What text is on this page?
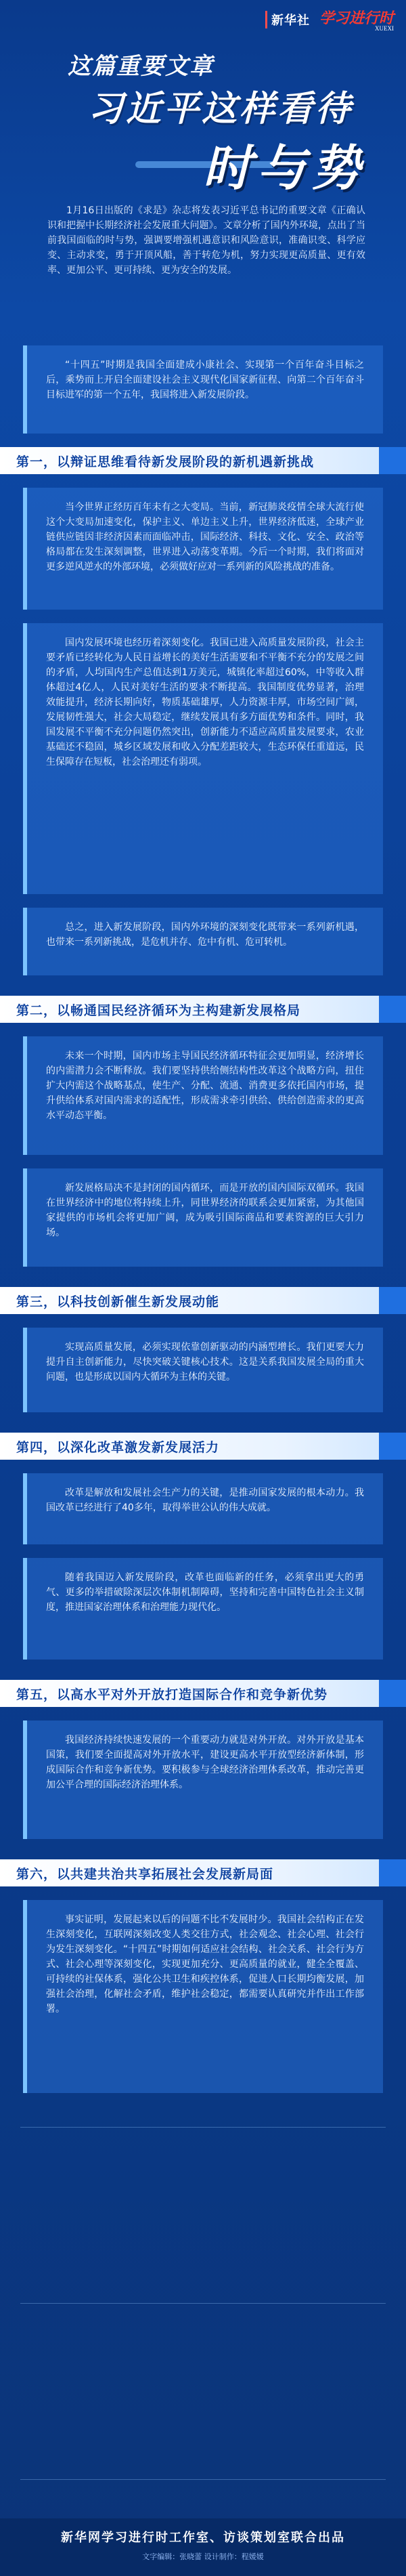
新华社 学习进行时
XUEXI
这篇重要文章
习近平这样看待
时与势

1月16日出版的《求是》杂志将发表习近平总书记的重要文章《正确认识和把握中长期经济社会发展重大问题》。文章分析了国内外环境，点出了当前我国面临的时与势，强调要增强机遇意识和风险意识，准确识变、科学应变、主动求变，勇于开顶风船，善于转危为机，努力实现更高质量、更有效率、更加公平、更可持续、更为安全的发展。

“十四五”时期是我国全面建成小康社会、实现第一个百年奋斗目标之后，乘势而上开启全面建设社会主义现代化国家新征程、向第二个百年奋斗目标进军的第一个五年，我国将进入新发展阶段。

第一，以辩证思维看待新发展阶段的新机遇新挑战

当今世界正经历百年未有之大变局。当前，新冠肺炎疫情全球大流行使这个大变局加速变化，保护主义、单边主义上升，世界经济低迷，全球产业链供应链因非经济因素而面临冲击，国际经济、科技、文化、安全、政治等格局都在发生深刻调整，世界进入动荡变革期。今后一个时期，我们将面对更多逆风逆水的外部环境，必须做好应对一系列新的风险挑战的准备。

国内发展环境也经历着深刻变化。我国已进入高质量发展阶段，社会主要矛盾已经转化为人民日益增长的美好生活需要和不平衡不充分的发展之间的矛盾，人均国内生产总值达到1万美元，城镇化率超过60%，中等收入群体超过4亿人，人民对美好生活的要求不断提高。我国制度优势显著，治理效能提升，经济长期向好，物质基础雄厚，人力资源丰厚，市场空间广阔，发展韧性强大，社会大局稳定，继续发展具有多方面优势和条件。同时，我国发展不平衡不充分问题仍然突出，创新能力不适应高质量发展要求，农业基础还不稳固，城乡区域发展和收入分配差距较大，生态环保任重道远，民生保障存在短板，社会治理还有弱项。

总之，进入新发展阶段，国内外环境的深刻变化既带来一系列新机遇，也带来一系列新挑战，是危机并存、危中有机、危可转机。

第二，以畅通国民经济循环为主构建新发展格局

未来一个时期，国内市场主导国民经济循环特征会更加明显，经济增长的内需潜力会不断释放。我们要坚持供给侧结构性改革这个战略方向，扭住扩大内需这个战略基点，使生产、分配、流通、消费更多依托国内市场，提升供给体系对国内需求的适配性，形成需求牵引供给、供给创造需求的更高水平动态平衡。

新发展格局决不是封闭的国内循环，而是开放的国内国际双循环。我国在世界经济中的地位将持续上升，同世界经济的联系会更加紧密，为其他国家提供的市场机会将更加广阔，成为吸引国际商品和要素资源的巨大引力场。

第三，以科技创新催生新发展动能

实现高质量发展，必须实现依靠创新驱动的内涵型增长。我们更要大力提升自主创新能力，尽快突破关键核心技术。这是关系我国发展全局的重大问题，也是形成以国内大循环为主体的关键。

第四，以深化改革激发新发展活力

改革是解放和发展社会生产力的关键，是推动国家发展的根本动力。我国改革已经进行了40多年，取得举世公认的伟大成就。

随着我国迈入新发展阶段，改革也面临新的任务，必须拿出更大的勇气、更多的举措破除深层次体制机制障碍，坚持和完善中国特色社会主义制度，推进国家治理体系和治理能力现代化。

第五，以高水平对外开放打造国际合作和竞争新优势

我国经济持续快速发展的一个重要动力就是对外开放。对外开放是基本国策，我们要全面提高对外开放水平，建设更高水平开放型经济新体制，形成国际合作和竞争新优势。要积极参与全球经济治理体系改革，推动完善更加公平合理的国际经济治理体系。

第六，以共建共治共享拓展社会发展新局面

事实证明，发展起来以后的问题不比不发展时少。我国社会结构正在发生深刻变化，互联网深刻改变人类交往方式，社会观念、社会心理、社会行为发生深刻变化。“十四五”时期如何适应社会结构、社会关系、社会行为方式、社会心理等深刻变化，实现更加充分、更高质量的就业，健全全覆盖、可持续的社保体系，强化公共卫生和疾控体系，促进人口长期均衡发展，加强社会治理，化解社会矛盾，维护社会稳定，都需要认真研究并作出工作部署。

新华网学习进行时工作室、访谈策划室联合出品
文字编辑：张晓蕾 设计制作：程媛媛
